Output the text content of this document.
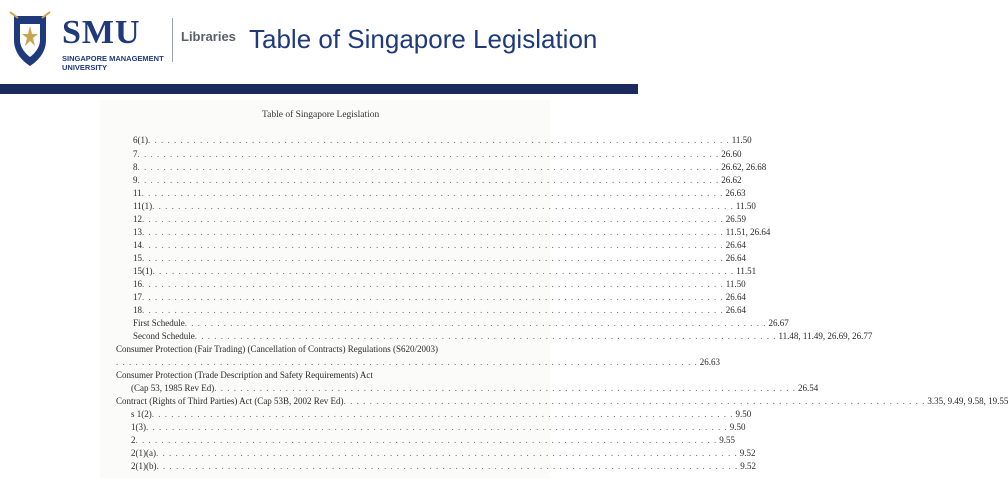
SMU
SINGAPORE MANAGEMENT
UNIVERSITY
Libraries Table of Singapore Legislation
Table of Singapore Legislation
6(1) . . . . . . . . . . . . . . . . . . . . . . . . . . . . . . . . . . . . . . . . . . . . . . . . . . . . . . . . . . . . . . . . . . . . . . . . . . . . . . . . . . . . . . . . . . 11.50
7 . . . . . . . . . . . . . . . . . . . . . . . . . . . . . . . . . . . . . . . . . . . . . . . . . . . . . . . . . . . . . . . . . . . . . . . . . . . . . . . . . . . . . . . . . . 26.60
8 . . . . . . . . . . . . . . . . . . . . . . . . . . . . . . . . . . . . . . . . . . . . . . . . . . . . . . . . . . . . . . . . . . . . . . . . . . . . . . . . . . . . . . . . . . 26.62, 26.68
9 . . . . . . . . . . . . . . . . . . . . . . . . . . . . . . . . . . . . . . . . . . . . . . . . . . . . . . . . . . . . . . . . . . . . . . . . . . . . . . . . . . . . . . . . . . 26.62
11 . . . . . . . . . . . . . . . . . . . . . . . . . . . . . . . . . . . . . . . . . . . . . . . . . . . . . . . . . . . . . . . . . . . . . . . . . . . . . . . . . . . . . . . . . . 26.63
11(1) . . . . . . . . . . . . . . . . . . . . . . . . . . . . . . . . . . . . . . . . . . . . . . . . . . . . . . . . . . . . . . . . . . . . . . . . . . . . . . . . . . . . . . . . . . 11.50
12 . . . . . . . . . . . . . . . . . . . . . . . . . . . . . . . . . . . . . . . . . . . . . . . . . . . . . . . . . . . . . . . . . . . . . . . . . . . . . . . . . . . . . . . . . . 26.59
13 . . . . . . . . . . . . . . . . . . . . . . . . . . . . . . . . . . . . . . . . . . . . . . . . . . . . . . . . . . . . . . . . . . . . . . . . . . . . . . . . . . . . . . . . . . 11.51, 26.64
14 . . . . . . . . . . . . . . . . . . . . . . . . . . . . . . . . . . . . . . . . . . . . . . . . . . . . . . . . . . . . . . . . . . . . . . . . . . . . . . . . . . . . . . . . . . 26.64
15 . . . . . . . . . . . . . . . . . . . . . . . . . . . . . . . . . . . . . . . . . . . . . . . . . . . . . . . . . . . . . . . . . . . . . . . . . . . . . . . . . . . . . . . . . . 26.64
15(1) . . . . . . . . . . . . . . . . . . . . . . . . . . . . . . . . . . . . . . . . . . . . . . . . . . . . . . . . . . . . . . . . . . . . . . . . . . . . . . . . . . . . . . . . . . 11.51
16 . . . . . . . . . . . . . . . . . . . . . . . . . . . . . . . . . . . . . . . . . . . . . . . . . . . . . . . . . . . . . . . . . . . . . . . . . . . . . . . . . . . . . . . . . . 11.50
17 . . . . . . . . . . . . . . . . . . . . . . . . . . . . . . . . . . . . . . . . . . . . . . . . . . . . . . . . . . . . . . . . . . . . . . . . . . . . . . . . . . . . . . . . . . 26.64
18 . . . . . . . . . . . . . . . . . . . . . . . . . . . . . . . . . . . . . . . . . . . . . . . . . . . . . . . . . . . . . . . . . . . . . . . . . . . . . . . . . . . . . . . . . . 26.64
First Schedule . . . . . . . . . . . . . . . . . . . . . . . . . . . . . . . . . . . . . . . . . . . . . . . . . . . . . . . . . . . . . . . . . . . . . . . . . . . . . . . . . . . . . . . . . . 26.67
Second Schedule . . . . . . . . . . . . . . . . . . . . . . . . . . . . . . . . . . . . . . . . . . . . . . . . . . . . . . . . . . . . . . . . . . . . . . . . . . . . . . . . . . . . . . . . . . 11.48, 11.49, 26.69, 26.77
Consumer Protection (Fair Trading) (Cancellation of Contracts) Regulations (S620/2003)
. . . . . . . . . . . . . . . . . . . . . . . . . . . . . . . . . . . . . . . . . . . . . . . . . . . . . . . . . . . . . . . . . . . . . . . . . . . . . . . . . . . . . . . . . . 26.63
Consumer Protection (Trade Description and Safety Requirements) Act
(Cap 53, 1985 Rev Ed) . . . . . . . . . . . . . . . . . . . . . . . . . . . . . . . . . . . . . . . . . . . . . . . . . . . . . . . . . . . . . . . . . . . . . . . . . . . . . . . . . . . . . . . . . . 26.54
Contract (Rights of Third Parties) Act (Cap 53B, 2002 Rev Ed) . . . . . . . . . . . . . . . . . . . . . . . . . . . . . . . . . . . . . . . . . . . . . . . . . . . . . . . . . . . . . . . . . . . . . . . . . . . . . . . . . . . . . . . . . . 3.35, 9.49, 9.58, 19.55
s 1(2) . . . . . . . . . . . . . . . . . . . . . . . . . . . . . . . . . . . . . . . . . . . . . . . . . . . . . . . . . . . . . . . . . . . . . . . . . . . . . . . . . . . . . . . . . . 9.50
1(3) . . . . . . . . . . . . . . . . . . . . . . . . . . . . . . . . . . . . . . . . . . . . . . . . . . . . . . . . . . . . . . . . . . . . . . . . . . . . . . . . . . . . . . . . . . 9.50
2 . . . . . . . . . . . . . . . . . . . . . . . . . . . . . . . . . . . . . . . . . . . . . . . . . . . . . . . . . . . . . . . . . . . . . . . . . . . . . . . . . . . . . . . . . . 9.55
2(1)(a) . . . . . . . . . . . . . . . . . . . . . . . . . . . . . . . . . . . . . . . . . . . . . . . . . . . . . . . . . . . . . . . . . . . . . . . . . . . . . . . . . . . . . . . . . . 9.52
2(1)(b) . . . . . . . . . . . . . . . . . . . . . . . . . . . . . . . . . . . . . . . . . . . . . . . . . . . . . . . . . . . . . . . . . . . . . . . . . . . . . . . . . . . . . . . . . . 9.52
